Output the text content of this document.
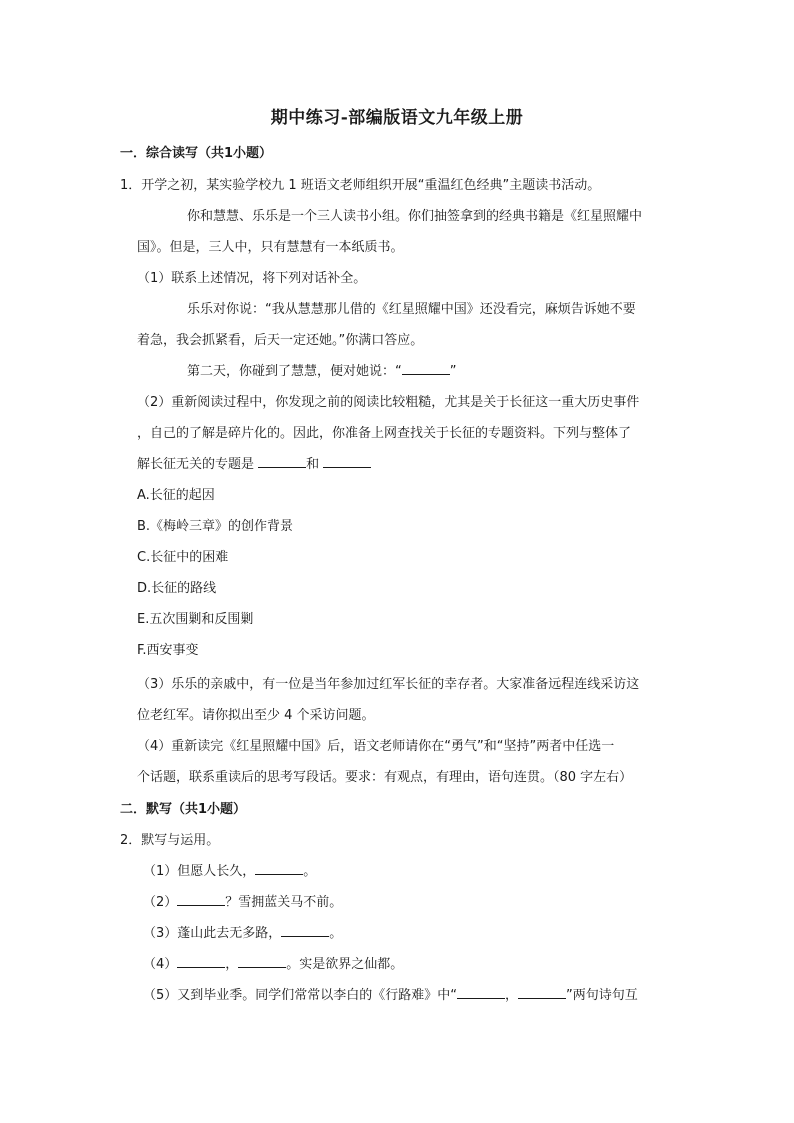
期中练习-部编版语文九年级上册
一．综合读写（共1小题）
1．开学之初，某实验学校九 1 班语文老师组织开展“重温红色经典”主题读书活动。
你和慧慧、乐乐是一个三人读书小组。你们抽签拿到的经典书籍是《红星照耀中
国》。但是，三人中，只有慧慧有一本纸质书。
（1）联系上述情况，将下列对话补全。
乐乐对你说：“我从慧慧那儿借的《红星照耀中国》还没看完，麻烦告诉她不要
着急，我会抓紧看，后天一定还她。”你满口答应。
第二天，你碰到了慧慧，便对她说：“	”
（2）重新阅读过程中，你发现之前的阅读比较粗糙，尤其是关于长征这一重大历史事件
，自己的了解是碎片化的。因此，你准备上网查找关于长征的专题资料。下列与整体了
解长征无关的专题是	和
A.长征的起因
B.《梅岭三章》的创作背景
C.长征中的困难
D.长征的路线
E.五次围剿和反围剿
F.西安事变
（3）乐乐的亲戚中，有一位是当年参加过红军长征的幸存者。大家准备远程连线采访这
位老红军。请你拟出至少 4 个采访问题。
（4）重新读完《红星照耀中国》后，语文老师请你在“勇气”和“坚持”两者中任选一
个话题，联系重读后的思考写段话。要求：有观点，有理由，语句连贯。（80 字左右）
二．默写（共1小题）
2．默写与运用。
（1）但愿人长久，	。
（2）	？雪拥蓝关马不前。
（3）蓬山此去无多路，	。
（4）	，	。实是欲界之仙都。
（5）又到毕业季。同学们常常以李白的《行路难》中“	，	”两句诗句互
